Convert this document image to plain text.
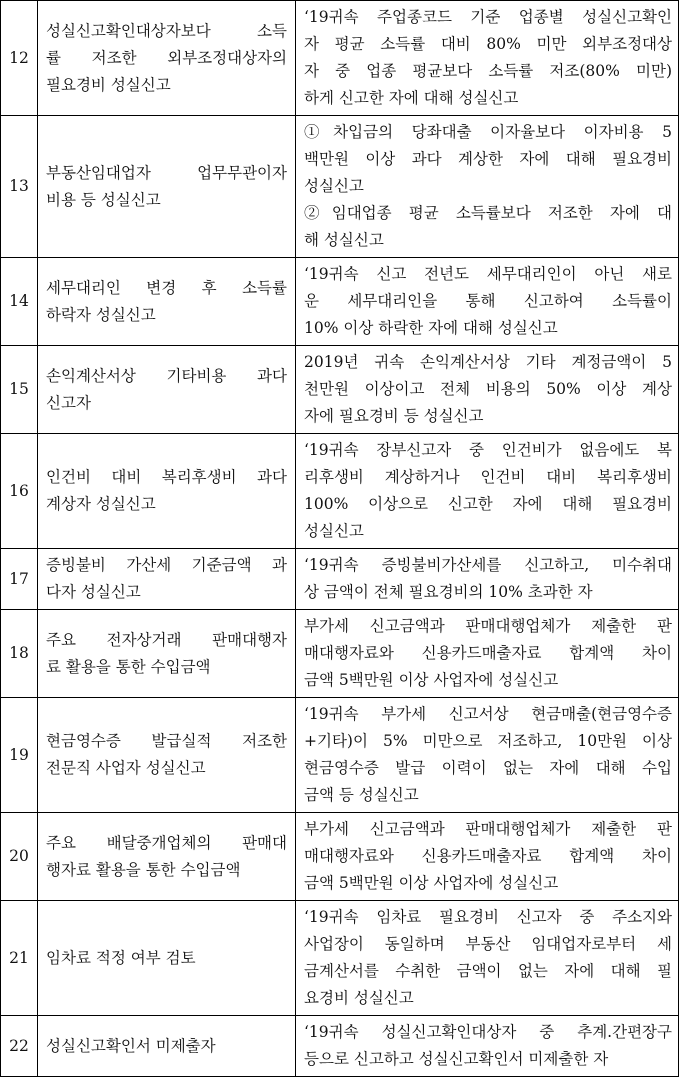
12	성실신고확인대상자보다 소득
률 저조한 외부조정대상자의
필요경비 성실신고	‘19귀속 주업종코드 기준 업종별 성실신고확인
자 평균 소득률 대비 80% 미만 외부조정대상
자 중 업종 평균보다 소득률 저조(80% 미만)
하게 신고한 자에 대해 성실신고

13	부동산임대업자 업무무관이자
비용 등 성실신고	①차입금의 당좌대출 이자율보다 이자비용 5
백만원 이상 과다 계상한 자에 대해 필요경비
성실신고
②임대업종 평균 소득률보다 저조한 자에 대
해 성실신고

14	세무대리인 변경 후 소득률
하락자 성실신고	‘19귀속 신고 전년도 세무대리인이 아닌 새로
운 세무대리인을 통해 신고하여 소득률이
10% 이상 하락한 자에 대해 성실신고

15	손익계산서상 기타비용 과다
신고자	2019년 귀속 손익계산서상 기타 계정금액이 5
천만원 이상이고 전체 비용의 50% 이상 계상
자에 필요경비 등 성실신고

16	인건비 대비 복리후생비 과다
계상자 성실신고	‘19귀속 장부신고자 중 인건비가 없음에도 복
리후생비 계상하거나 인건비 대비 복리후생비
100% 이상으로 신고한 자에 대해 필요경비
성실신고

17	증빙불비 가산세 기준금액 과
다자 성실신고	‘19귀속 증빙불비가산세를 신고하고, 미수취대
상 금액이 전체 필요경비의 10% 초과한 자

18	주요 전자상거래 판매대행자
료 활용을 통한 수입금액	부가세 신고금액과 판매대행업체가 제출한 판
매대행자료와 신용카드매출자료 합계액 차이
금액 5백만원 이상 사업자에 성실신고

19	현금영수증 발급실적 저조한
전문직 사업자 성실신고	‘19귀속 부가세 신고서상 현금매출(현금영수증
+기타)이 5% 미만으로 저조하고, 10만원 이상
현금영수증 발급 이력이 없는 자에 대해 수입
금액 등 성실신고

20	주요 배달중개업체의 판매대
행자료 활용을 통한 수입금액	부가세 신고금액과 판매대행업체가 제출한 판
매대행자료와 신용카드매출자료 합계액 차이
금액 5백만원 이상 사업자에 성실신고

21	임차료 적정 여부 검토	‘19귀속 임차료 필요경비 신고자 중 주소지와
사업장이 동일하며 부동산 임대업자로부터 세
금계산서를 수취한 금액이 없는 자에 대해 필
요경비 성실신고

22	성실신고확인서 미제출자	‘19귀속 성실신고확인대상자 중 추계.간편장구
등으로 신고하고 성실신고확인서 미제출한 자
